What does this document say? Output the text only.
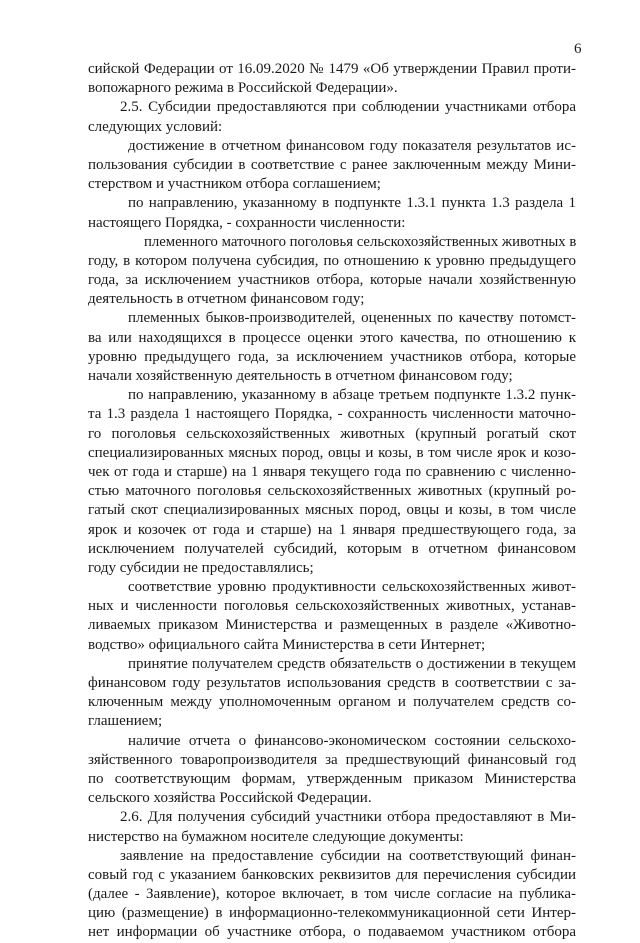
6

сийской Федерации от 16.09.2020 № 1479 «Об утверждении Правил проти-
вопожарного режима в Российской Федерации».
2.5. Субсидии предоставляются при соблюдении участниками отбора
следующих условий:
достижение в отчетном финансовом году показателя результатов ис-
пользования субсидии в соответствие с ранее заключенным между Мини-
стерством и участником отбора соглашением;
по направлению, указанному в подпункте 1.3.1 пункта 1.3 раздела 1
настоящего Порядка, - сохранности численности:
племенного маточного поголовья сельскохозяйственных животных в
году, в котором получена субсидия, по отношению к уровню предыдущего
года, за исключением участников отбора, которые начали хозяйственную
деятельность в отчетном финансовом году;
племенных быков-производителей, оцененных по качеству потомст-
ва или находящихся в процессе оценки этого качества, по отношению к
уровню предыдущего года, за исключением участников отбора, которые
начали хозяйственную деятельность в отчетном финансовом году;
по направлению, указанному в абзаце третьем подпункте 1.3.2 пунк-
та 1.3 раздела 1 настоящего Порядка, - сохранность численности маточно-
го поголовья сельскохозяйственных животных (крупный рогатый скот
специализированных мясных пород, овцы и козы, в том числе ярок и козо-
чек от года и старше) на 1 января текущего года по сравнению с численно-
стью маточного поголовья сельскохозяйственных животных (крупный ро-
гатый скот специализированных мясных пород, овцы и козы, в том числе
ярок и козочек от года и старше) на 1 января предшествующего года, за
исключением получателей субсидий, которым в отчетном финансовом
году субсидии не предоставлялись;
соответствие уровню продуктивности сельскохозяйственных живот-
ных и численности поголовья сельскохозяйственных животных, устанав-
ливаемых приказом Министерства и размещенных в разделе «Животно-
водство» официального сайта Министерства в сети Интернет;
принятие получателем средств обязательств о достижении в текущем
финансовом году результатов использования средств в соответствии с за-
ключенным между уполномоченным органом и получателем средств со-
глашением;
наличие отчета о финансово-экономическом состоянии сельскохо-
зяйственного товаропроизводителя за предшествующий финансовый год
по соответствующим формам, утвержденным приказом Министерства
сельского хозяйства Российской Федерации.
2.6. Для получения субсидий участники отбора предоставляют в Ми-
нистерство на бумажном носителе следующие документы:
заявление на предоставление субсидии на соответствующий финан-
совый год с указанием банковских реквизитов для перечисления субсидии
(далее - Заявление), которое включает, в том числе согласие на публика-
цию (размещение) в информационно-телекоммуникационной сети Интер-
нет информации об участнике отбора, о подаваемом участником отбора
